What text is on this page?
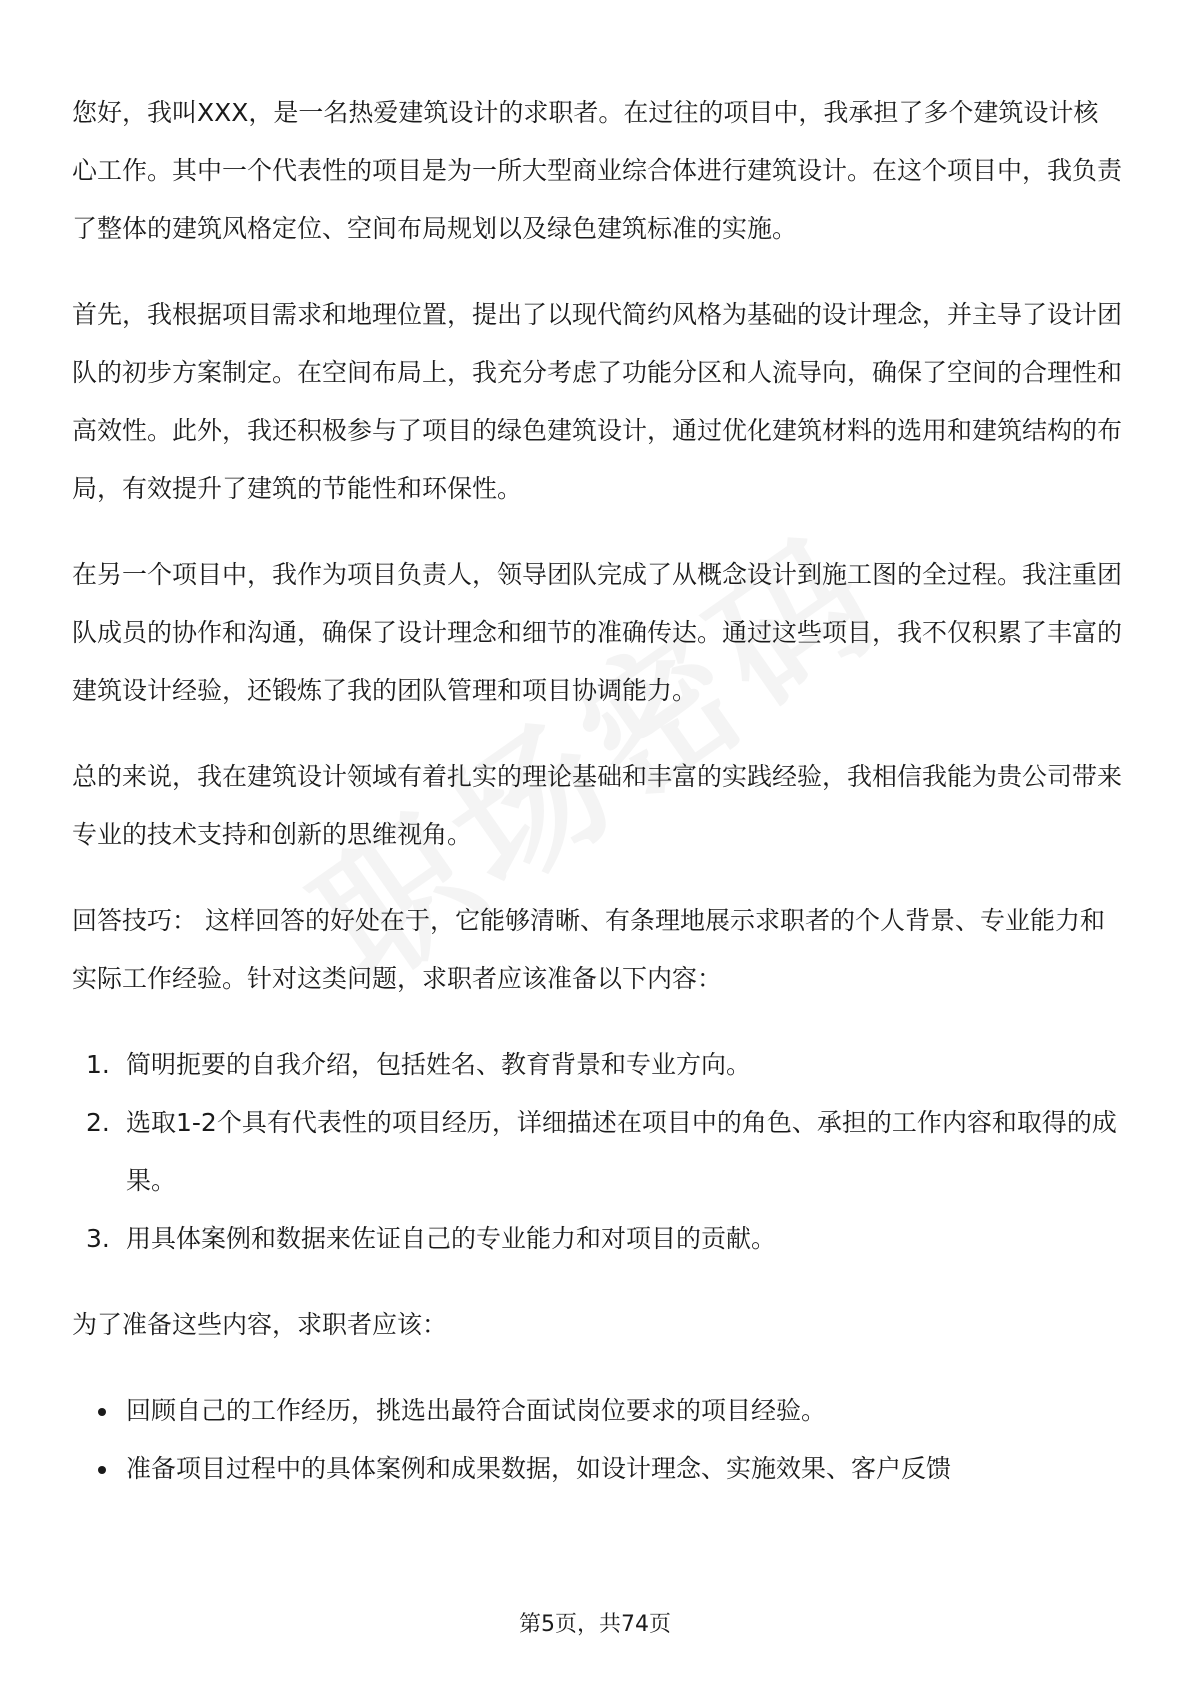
您好，我叫XXX，是一名热爱建筑设计的求职者。在过往的项目中，我承担了多个建筑设计核心工作。其中一个代表性的项目是为一所大型商业综合体进行建筑设计。在这个项目中，我负责了整体的建筑风格定位、空间布局规划以及绿色建筑标准的实施。

首先，我根据项目需求和地理位置，提出了以现代简约风格为基础的设计理念，并主导了设计团队的初步方案制定。在空间布局上，我充分考虑了功能分区和人流导向，确保了空间的合理性和高效性。此外，我还积极参与了项目的绿色建筑设计，通过优化建筑材料的选用和建筑结构的布局，有效提升了建筑的节能性和环保性。

在另一个项目中，我作为项目负责人，领导团队完成了从概念设计到施工图的全过程。我注重团队成员的协作和沟通，确保了设计理念和细节的准确传达。通过这些项目，我不仅积累了丰富的建筑设计经验，还锻炼了我的团队管理和项目协调能力。

总的来说，我在建筑设计领域有着扎实的理论基础和丰富的实践经验，我相信我能为贵公司带来专业的技术支持和创新的思维视角。

回答技巧： 这样回答的好处在于，它能够清晰、有条理地展示求职者的个人背景、专业能力和实际工作经验。针对这类问题，求职者应该准备以下内容：

1. 简明扼要的自我介绍，包括姓名、教育背景和专业方向。
2. 选取1-2个具有代表性的项目经历，详细描述在项目中的角色、承担的工作内容和取得的成果。
3. 用具体案例和数据来佐证自己的专业能力和对项目的贡献。

为了准备这些内容，求职者应该：

回顾自己的工作经历，挑选出最符合面试岗位要求的项目经验。
准备项目过程中的具体案例和成果数据，如设计理念、实施效果、客户反馈
第5页，共74页
